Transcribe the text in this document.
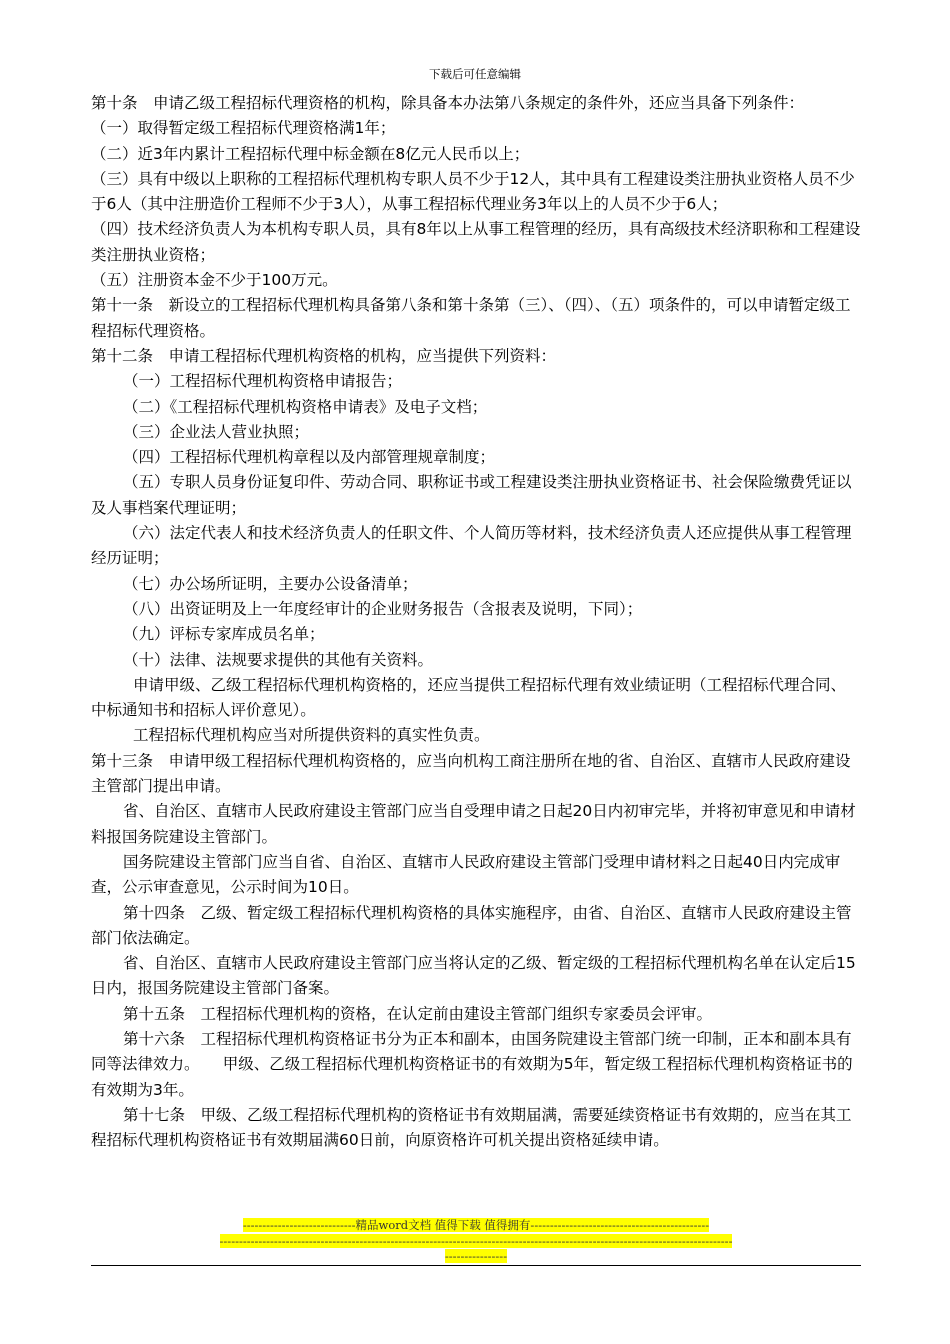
下载后可任意编辑

第十条　申请乙级工程招标代理资格的机构，除具备本办法第八条规定的条件外，还应当具备下列条件：

（一）取得暂定级工程招标代理资格满1年；

（二）近3年内累计工程招标代理中标金额在8亿元人民币以上；

（三）具有中级以上职称的工程招标代理机构专职人员不少于12人，其中具有工程建设类注册执业资格人员不少于6人（其中注册造价工程师不少于3人），从事工程招标代理业务3年以上的人员不少于6人；

（四）技术经济负责人为本机构专职人员，具有8年以上从事工程管理的经历，具有高级技术经济职称和工程建设类注册执业资格；

（五）注册资本金不少于100万元。

第十一条　新设立的工程招标代理机构具备第八条和第十条第（三）、（四）、（五）项条件的，可以申请暂定级工程招标代理资格。

第十二条　申请工程招标代理机构资格的机构，应当提供下列资料：

（一）工程招标代理机构资格申请报告；

（二）《工程招标代理机构资格申请表》及电子文档；

（三）企业法人营业执照；

（四）工程招标代理机构章程以及内部管理规章制度；

（五）专职人员身份证复印件、劳动合同、职称证书或工程建设类注册执业资格证书、社会保险缴费凭证以及人事档案代理证明；

（六）法定代表人和技术经济负责人的任职文件、个人简历等材料，技术经济负责人还应提供从事工程管理经历证明；

（七）办公场所证明，主要办公设备清单；

（八）出资证明及上一年度经审计的企业财务报告（含报表及说明，下同）；

（九）评标专家库成员名单；

（十）法律、法规要求提供的其他有关资料。

申请甲级、乙级工程招标代理机构资格的，还应当提供工程招标代理有效业绩证明（工程招标代理合同、中标通知书和招标人评价意见）。

工程招标代理机构应当对所提供资料的真实性负责。

第十三条　申请甲级工程招标代理机构资格的，应当向机构工商注册所在地的省、自治区、直辖市人民政府建设主管部门提出申请。

省、自治区、直辖市人民政府建设主管部门应当自受理申请之日起20日内初审完毕，并将初审意见和申请材料报国务院建设主管部门。

国务院建设主管部门应当自省、自治区、直辖市人民政府建设主管部门受理申请材料之日起40日内完成审查，公示审查意见，公示时间为10日。

第十四条　乙级、暂定级工程招标代理机构资格的具体实施程序，由省、自治区、直辖市人民政府建设主管部门依法确定。

省、自治区、直辖市人民政府建设主管部门应当将认定的乙级、暂定级的工程招标代理机构名单在认定后15日内，报国务院建设主管部门备案。

第十五条　工程招标代理机构的资格，在认定前由建设主管部门组织专家委员会评审。

第十六条　工程招标代理机构资格证书分为正本和副本，由国务院建设主管部门统一印制，正本和副本具有同等法律效力。　　甲级、乙级工程招标代理机构资格证书的有效期为5年，暂定级工程招标代理机构资格证书的有效期为3年。

第十七条　甲级、乙级工程招标代理机构的资格证书有效期届满，需要延续资格证书有效期的，应当在其工程招标代理机构资格证书有效期届满60日前，向原资格许可机关提出资格延续申请。

-----------------------------精品word文档 值得下载 值得拥有----------------------------------------------
------------------------------------------------------------------------------------------------------------------------------------
----------------
